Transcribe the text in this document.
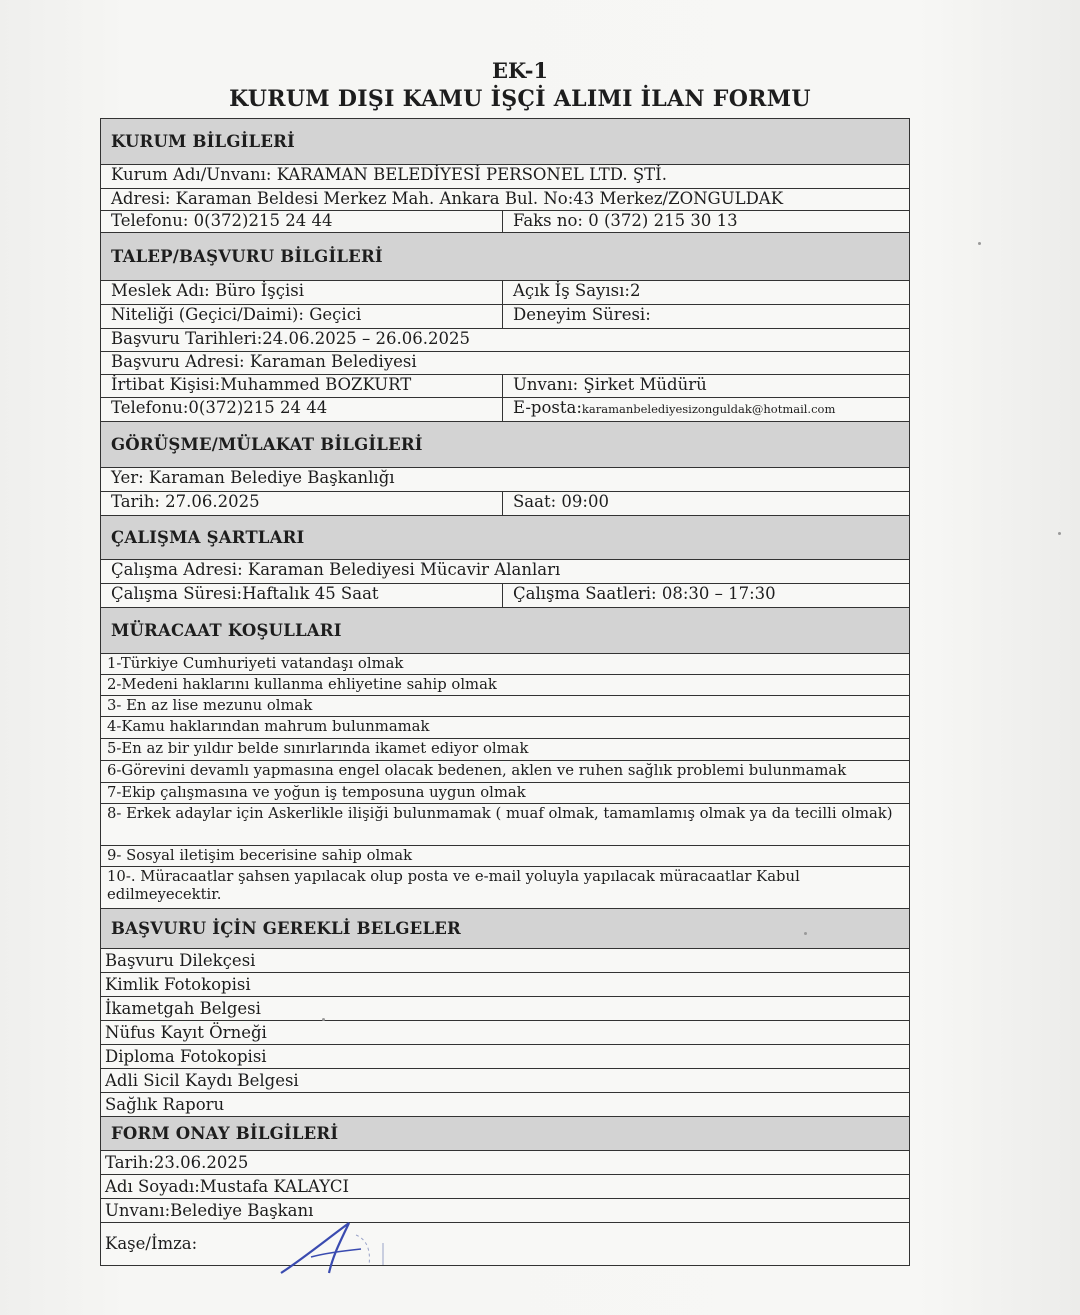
EK-1
KURUM DIŞI KAMU İŞÇİ ALIMI İLAN FORMU
KURUM BİLGİLERİ
Kurum Adı/Unvanı: KARAMAN BELEDİYESİ PERSONEL LTD. ŞTİ.
Adresi: Karaman Beldesi Merkez Mah. Ankara Bul. No:43 Merkez/ZONGULDAK
Telefonu: 0(372)215 24 44	Faks no: 0 (372) 215 30 13
TALEP/BAŞVURU BİLGİLERİ
Meslek Adı: Büro İşçisi	Açık İş Sayısı:2
Niteliği (Geçici/Daimi): Geçici	Deneyim Süresi:
Başvuru Tarihleri:24.06.2025 – 26.06.2025
Başvuru Adresi: Karaman Belediyesi
İrtibat Kişisi:Muhammed BOZKURT	Unvanı: Şirket Müdürü
Telefonu:0(372)215 24 44	E-posta:karamanbelediyesizonguldak@hotmail.com
GÖRÜŞME/MÜLAKAT BİLGİLERİ
Yer: Karaman Belediye Başkanlığı
Tarih: 27.06.2025	Saat: 09:00
ÇALIŞMA ŞARTLARI
Çalışma Adresi: Karaman Belediyesi Mücavir Alanları
Çalışma Süresi:Haftalık 45 Saat	Çalışma Saatleri: 08:30 – 17:30
MÜRACAAT KOŞULLARI
1-Türkiye Cumhuriyeti vatandaşı olmak
2-Medeni haklarını kullanma ehliyetine sahip olmak
3- En az lise mezunu olmak
4-Kamu haklarından mahrum bulunmamak
5-En az bir yıldır belde sınırlarında ikamet ediyor olmak
6-Görevini devamlı yapmasına engel olacak bedenen, aklen ve ruhen sağlık problemi bulunmamak
7-Ekip çalışmasına ve yoğun iş temposuna uygun olmak
8- Erkek adaylar için Askerlikle ilişiği bulunmamak ( muaf olmak, tamamlamış olmak ya da tecilli olmak)
9- Sosyal iletişim becerisine sahip olmak
10-. Müracaatlar şahsen yapılacak olup posta ve e-mail yoluyla yapılacak müracaatlar Kabul edilmeyecektir.
BAŞVURU İÇİN GEREKLİ BELGELER
Başvuru Dilekçesi
Kimlik Fotokopisi
İkametgah Belgesi
Nüfus Kayıt Örneği
Diploma Fotokopisi
Adli Sicil Kaydı Belgesi
Sağlık Raporu
FORM ONAY BİLGİLERİ
Tarih:23.06.2025
Adı Soyadı:Mustafa KALAYCI
Unvanı:Belediye Başkanı
Kaşe/İmza:
